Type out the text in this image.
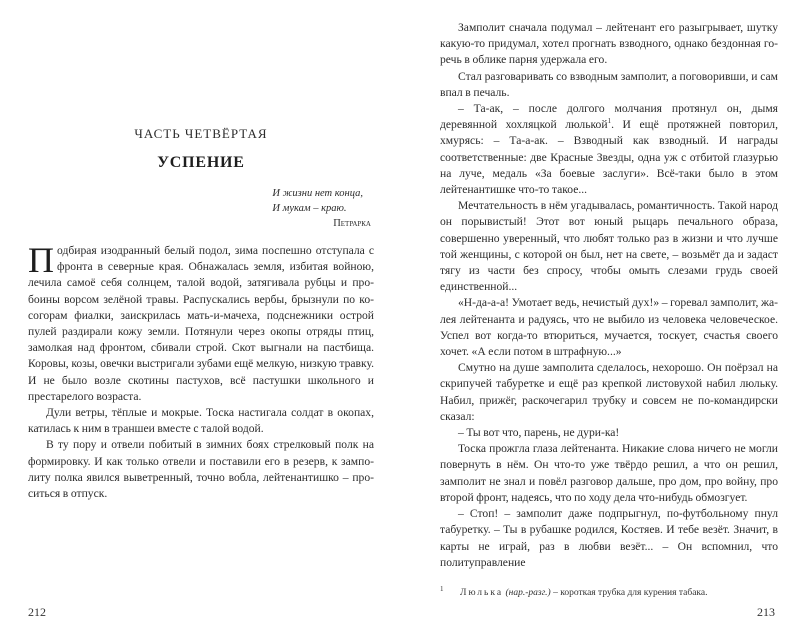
ЧАСТЬ ЧЕТВЁРТАЯ
УСПЕНИЕ
И жизни нет конца,
И мукам – краю.
Петрарка

Подбирая изодранный белый подол, зима поспешно отступала с фронта в северные края. Обнажалась земля, избитая войною, лечила самоё себя солнцем, талой водой, затягивала рубцы и пробоины ворсом зелёной травы. Распускались вербы, брызнули по косогорам фиалки, заискрилась мать-и-мачеха, подснежники острой пулей раздирали кожу земли. Потянули через окопы отряды птиц, замолкая над фронтом, сбивали строй. Скот выгнали на пастбища. Коровы, козы, овечки выстригали зубами ещё мелкую, низкую травку. И не было возле скотины пастухов, всё пастушки школьного и престарелого возраста.

Дули ветры, тёплые и мокрые. Тоска настигала солдат в окопах, катилась к ним в траншеи вместе с талой водой.

В ту пору и отвели побитый в зимних боях стрелковый полк на формировку. И как только отвели и поставили его в резерв, к замполиту полка явился выветренный, точно вобла, лейтенантишко – проситься в отпуск.

212

Замполит сначала подумал – лейтенант его разыгрывает, шутку какую-то придумал, хотел прогнать взводного, однако бездонная горечь в облике парня удержала его.

Стал разговаривать со взводным замполит, а поговоривши, и сам впал в печаль.

– Та-ак, – после долгого молчания протянул он, дымя деревянной хохляцкой люлькой$^1$. И ещё протяжней повторил, хмурясь: – Та-а-ак. – Взводный как взводный. И награды соответственные: две Красные Звезды, одна уж с отбитой глазурью на луче, медаль «За боевые заслуги». Всё-таки было в этом лейтенантишке что-то такое...

Мечтательность в нём угадывалась, романтичность. Такой народ он порывистый! Этот вот юный рыцарь печального образа, совершенно уверенный, что любят только раз в жизни и что лучше той женщины, с которой он был, нет на свете, – возьмёт да и задаст тягу из части без спросу, чтобы омыть слезами грудь своей единственной...

«Н-да-а-а! Умотает ведь, нечистый дух!» – горевал замполит, жалея лейтенанта и радуясь, что не выбило из человека человеческое. Успел вот когда-то втюриться, мучается, тоскует, счастья своего хочет. «А если потом в штрафную...»

Смутно на душе замполита сделалось, нехорошо. Он поёрзал на скрипучей табуретке и ещё раз крепкой листовухой набил люльку. Набил, прижёг, раскочегарил трубку и совсем не по-командирски сказал:

– Ты вот что, парень, не дури-ка!

Тоска прожгла глаза лейтенанта. Никакие слова ничего не могли повернуть в нём. Он что-то уже твёрдо решил, а что он решил, замполит не знал и повёл разговор дальше, про дом, про войну, про второй фронт, надеясь, что по ходу дела что-нибудь обмозгует.

– Стоп! – замполит даже подпрыгнул, по-футбольному пнул табуретку. – Ты в рубашке родился, Костяев. И тебе везёт. Значит, в карты не играй, раз в любви везёт... – Он вспомнил, что политуправление

1 Люлька (нар.-разг.) – короткая трубка для курения табака.
213
